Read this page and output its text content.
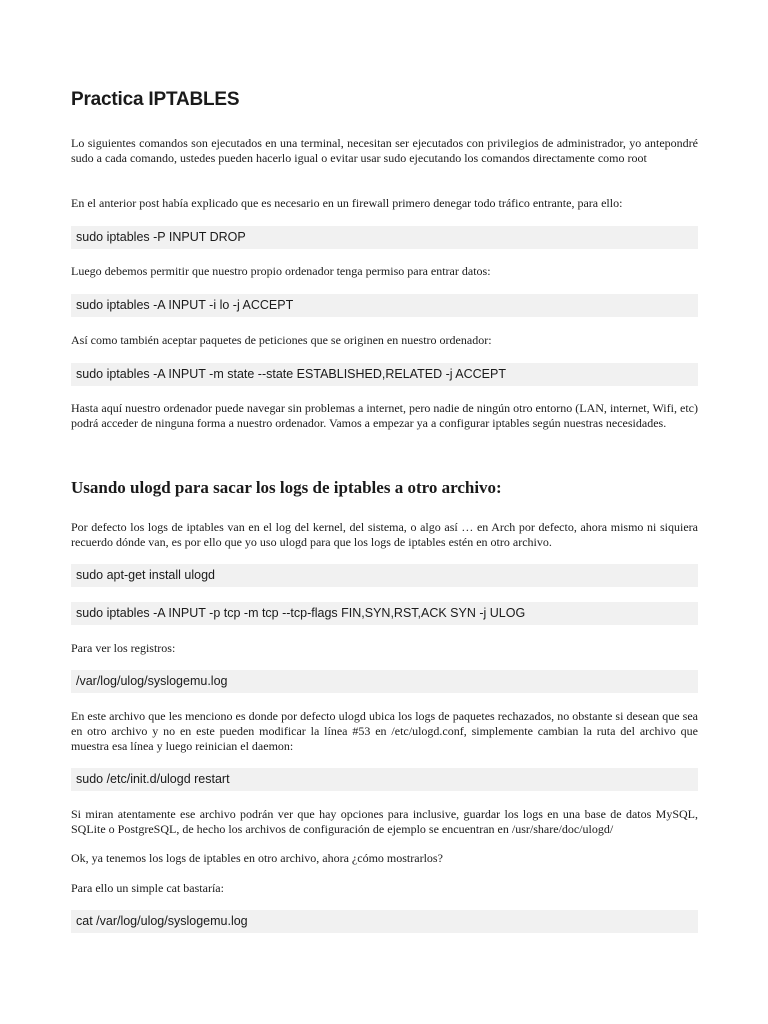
Practica IPTABLES

Lo siguientes comandos son ejecutados en una terminal, necesitan ser ejecutados con privilegios de administrador, yo antepondré sudo a cada comando, ustedes pueden hacerlo igual o evitar usar sudo ejecutando los comandos directamente como root

En el anterior post había explicado que es necesario en un firewall primero denegar todo tráfico entrante, para ello:

sudo iptables -P INPUT DROP

Luego debemos permitir que nuestro propio ordenador tenga permiso para entrar datos:

sudo iptables -A INPUT -i lo -j ACCEPT

Así como también aceptar paquetes de peticiones que se originen en nuestro ordenador:

sudo iptables -A INPUT -m state --state ESTABLISHED,RELATED -j ACCEPT

Hasta aquí nuestro ordenador puede navegar sin problemas a internet, pero nadie de ningún otro entorno (LAN, internet, Wifi, etc) podrá acceder de ninguna forma a nuestro ordenador. Vamos a empezar ya a configurar iptables según nuestras necesidades.

Usando ulogd para sacar los logs de iptables a otro archivo:

Por defecto los logs de iptables van en el log del kernel, del sistema, o algo así … en Arch por defecto, ahora mismo ni siquiera recuerdo dónde van, es por ello que yo uso ulogd para que los logs de iptables estén en otro archivo.

sudo apt-get install ulogd
sudo iptables -A INPUT -p tcp -m tcp --tcp-flags FIN,SYN,RST,ACK SYN -j ULOG

Para ver los registros:

/var/log/ulog/syslogemu.log

En este archivo que les menciono es donde por defecto ulogd ubica los logs de paquetes rechazados, no obstante si desean que sea en otro archivo y no en este pueden modificar la línea #53 en /etc/ulogd.conf, simplemente cambian la ruta del archivo que muestra esa línea y luego reinician el daemon:

sudo /etc/init.d/ulogd restart

Si miran atentamente ese archivo podrán ver que hay opciones para inclusive, guardar los logs en una base de datos MySQL, SQLite o PostgreSQL, de hecho los archivos de configuración de ejemplo se encuentran en /usr/share/doc/ulogd/

Ok, ya tenemos los logs de iptables en otro archivo, ahora ¿cómo mostrarlos?

Para ello un simple cat bastaría:

cat /var/log/ulog/syslogemu.log
